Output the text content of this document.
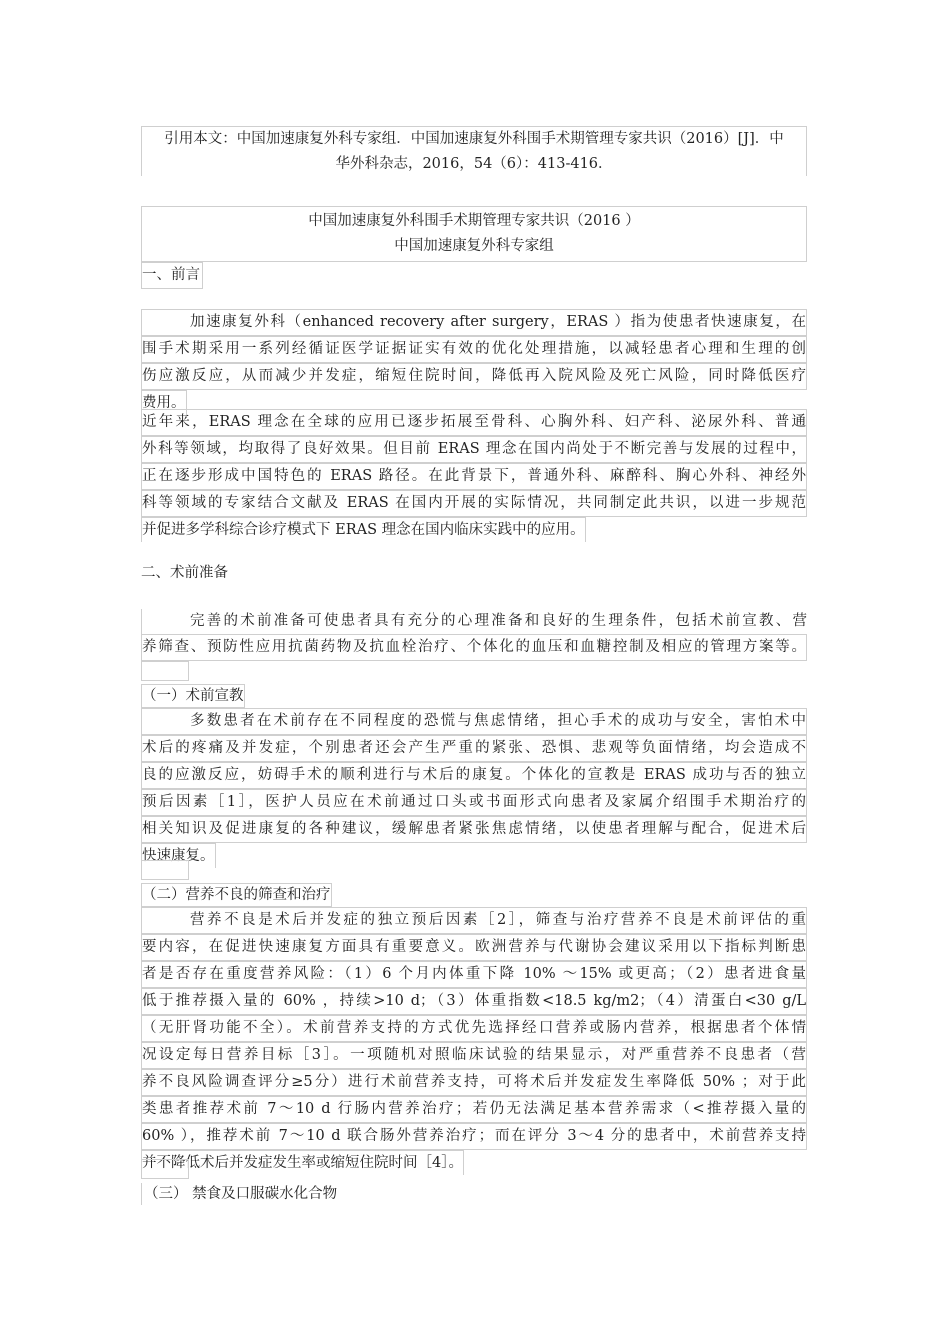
引用本文：中国加速康复外科专家组．中国加速康复外科围手术期管理专家共识（2016）[J]．中
华外科杂志，2016，54（6）：413-416．
中国加速康复外科围手术期管理专家共识（2016 ）
中国加速康复外科专家组
一、前言
加速康复外科（enhanced recovery after surgery，ERAS ）指为使患者快速康复，在
围手术期采用一系列经循证医学证据证实有效的优化处理措施，以减轻患者心理和生理的创
伤应激反应，从而减少并发症，缩短住院时间，降低再入院风险及死亡风险，同时降低医疗
费用。
近年来，ERAS 理念在全球的应用已逐步拓展至骨科、心胸外科、妇产科、泌尿外科、普通
外科等领域，均取得了良好效果。但目前 ERAS 理念在国内尚处于不断完善与发展的过程中，
正在逐步形成中国特色的 ERAS 路径。在此背景下，普通外科、麻醉科、胸心外科、神经外
科等领域的专家结合文献及 ERAS 在国内开展的实际情况，共同制定此共识，以进一步规范
并促进多学科综合诊疗模式下 ERAS 理念在国内临床实践中的应用。
二、术前准备
完善的术前准备可使患者具有充分的心理准备和良好的生理条件，包括术前宣教、营
养筛查、预防性应用抗菌药物及抗血栓治疗、个体化的血压和血糖控制及相应的管理方案等。
（一）术前宣教
多数患者在术前存在不同程度的恐慌与焦虑情绪，担心手术的成功与安全，害怕术中
术后的疼痛及并发症，个别患者还会产生严重的紧张、恐惧、悲观等负面情绪，均会造成不
良的应激反应，妨碍手术的顺利进行与术后的康复。个体化的宣教是 ERAS 成功与否的独立
预后因素［1］，医护人员应在术前通过口头或书面形式向患者及家属介绍围手术期治疗的
相关知识及促进康复的各种建议，缓解患者紧张焦虑情绪，以使患者理解与配合，促进术后
快速康复。
（二）营养不良的筛查和治疗
营养不良是术后并发症的独立预后因素［2］，筛查与治疗营养不良是术前评估的重
要内容，在促进快速康复方面具有重要意义。欧洲营养与代谢协会建议采用以下指标判断患
者是否存在重度营养风险：（1）6 个月内体重下降 10% ～15% 或更高；（2）患者进食量
低于推荐摄入量的 60% ，持续>10 d；（3）体重指数<18.5 kg/m2；（4）清蛋白<30 g/L
（无肝肾功能不全）。术前营养支持的方式优先选择经口营养或肠内营养，根据患者个体情
况设定每日营养目标［3］。一项随机对照临床试验的结果显示，对严重营养不良患者（营
养不良风险调查评分≥5分）进行术前营养支持，可将术后并发症发生率降低 50% ；对于此
类患者推荐术前 7～10 d 行肠内营养治疗；若仍无法满足基本营养需求（<推荐摄入量的
60% ），推荐术前 7～10 d 联合肠外营养治疗；而在评分 3～4 分的患者中，术前营养支持
并不降低术后并发症发生率或缩短住院时间［4］。
（三） 禁食及口服碳水化合物
